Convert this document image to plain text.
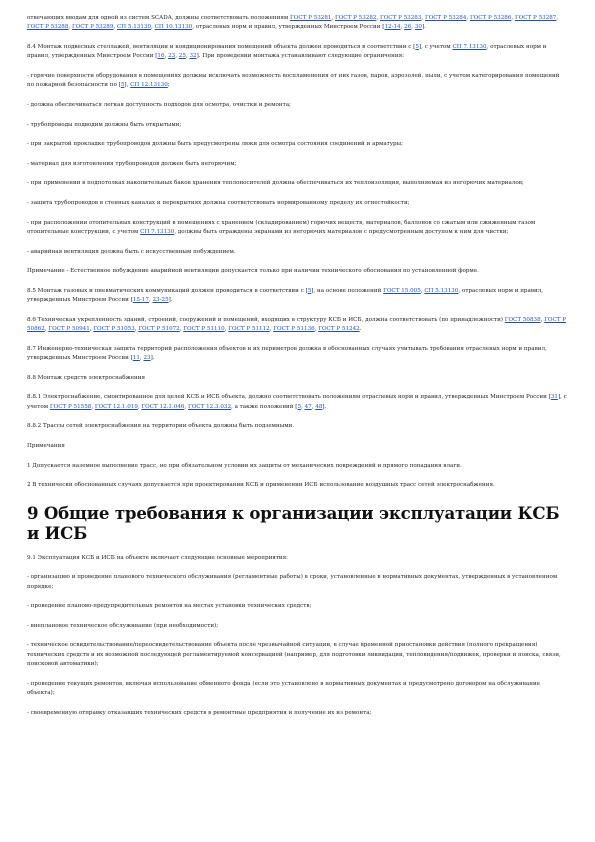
отвечающих вводам для одной из систем SCADA, должны соответствовать положениям ГОСТ Р 53281, ГОСТ Р 53282, ГОСТ Р 53283, ГОСТ Р 53284, ГОСТ Р 53286, ГОСТ Р 53287, ГОСТ Р 53288, ГОСТ Р 53289, СП 5.13130, СП 10.13130, отраслевых норм и правил, утвержденных Минстроем России [12-14, 26, 30].

8.4 Монтаж подвесных стеллажей, вентиляции и кондиционирования помещений объекта должен проводиться в соответствии с [5], с учетом СП 7.13130, отраслевых норм и правил, утвержденных Минстроем России [16, 23, 25, 32]. При проведении монтажа устанавливают следующие ограничения:

- горячие поверхности оборудования в помещениях должны исключать возможность воспламенения от них газов, паров, аэрозолей, пыли, с учетом категорирования помещений по пожарной безопасности по [5], СП 12.13130;

- должна обеспечиваться легкая доступность подходов для осмотра, очистки и ремонта;

- трубопроводы подводим должны быть открытыми;

- при закрытой прокладке трубопроводов должны быть предусмотрены люки для осмотра состояния соединений и арматуры;

- материал для изготовления трубопроводов должен быть негорючим;

- при применении в подпотолках накопительных баков хранения теплоносителей должна обеспечиваться их теплоизоляция, выполняемая из негорючих материалов;

- защита трубопроводов в стенных каналах и перекрытиях должна соответствовать нормированному пределу их огнестойкости;

- при расположении отопительных конструкций в помещениях с хранением (складированием) горючих веществ, материалов, баллонов со сжатым или сжиженным газом отопительные конструкции, с учетом СП 7.13130, должны быть ограждены экранами из негорючих материалов с предусмотренным доступом к ним для чистки;

- аварийная вентиляция должна быть с искусственным побуждением.

Примечание - Естественное побуждение аварийной вентиляции допускается только при наличии технического обоснования по установленной форме.

8.5 Монтаж газовых и пневматических коммуникаций должен проводиться в соответствии с [5], на основе положений ГОСТ 15.005, СП 5.13130, отраслевых норм и правил, утвержденных Минстроем России [15-17, 23-25].

8.6 Техническая укрепленность зданий, строений, сооружений и помещений, входящих в структуру КСБ и ИСБ, должна соответствовать (по принадлежности) ГОСТ 50838, ГОСТ Р 50862, ГОСТ Р 50941, ГОСТ Р 51053, ГОСТ Р 51072, ГОСТ Р 51110, ГОСТ Р 51112, ГОСТ Р 51136, ГОСТ Р 51242.

8.7 Инженерно-техническая защита территорий расположения объектов и их периметров должна в обоснованных случаях учитывать требования отраслевых норм и правил, утвержденных Минстроем России [11, 23].

8.8 Монтаж средств электроснабжения

8.8.1 Электроснабжение, смонтированное для целей КСБ и ИСБ объекта, должно соответствовать положениям отраслевых норм и правил, утвержденных Минстроем России [31], с учетом ГОСТ Р 51558, ГОСТ 12.1.019, ГОСТ 12.1.046, ГОСТ 12.3.032, а также положений [5, 47, 48].

8.8.2 Трассы сетей электроснабжения на территории объекта должны быть подземными.

Примечания

1 Допускается наземное выполнение трасс, но при обязательном условии их защиты от механических повреждений и прямого попадания влаги.

2 В технически обоснованных случаях допускается при проектировании КСБ и применении ИСБ использование воздушных трасс сетей электроснабжения.

9 Общие требования к организации эксплуатации КСБ и ИСБ

9.1 Эксплуатация КСБ и ИСБ на объекте включает следующие основные мероприятия:

- организацию и проведение планового технического обслуживания (регламентные работы) в сроки, установленные в нормативных документах, утвержденных в установленном порядке;

- проведение планово-предупредительных ремонтов на местах установки технических средств;

- внеплановое техническое обслуживание (при необходимости);

- техническое освидетельствование/переосвидетельствование объекта после чрезвычайной ситуации, в случае временной приостановки действия (полного прекращения) технических средств и их возможной последующей регламентируемой консервацией (например, для подготовки ликвидации, тепловидения/подвижек, проверки и поиска, связи, поисковой автоматики);

- проведение текущих ремонтов, включая использование обменного фонда (если это установлено в нормативных документах и предусмотрено договором на обслуживание объекта);

- своевременную отправку отказавших технических средств в ремонтные предприятия и получение их из ремонта;
